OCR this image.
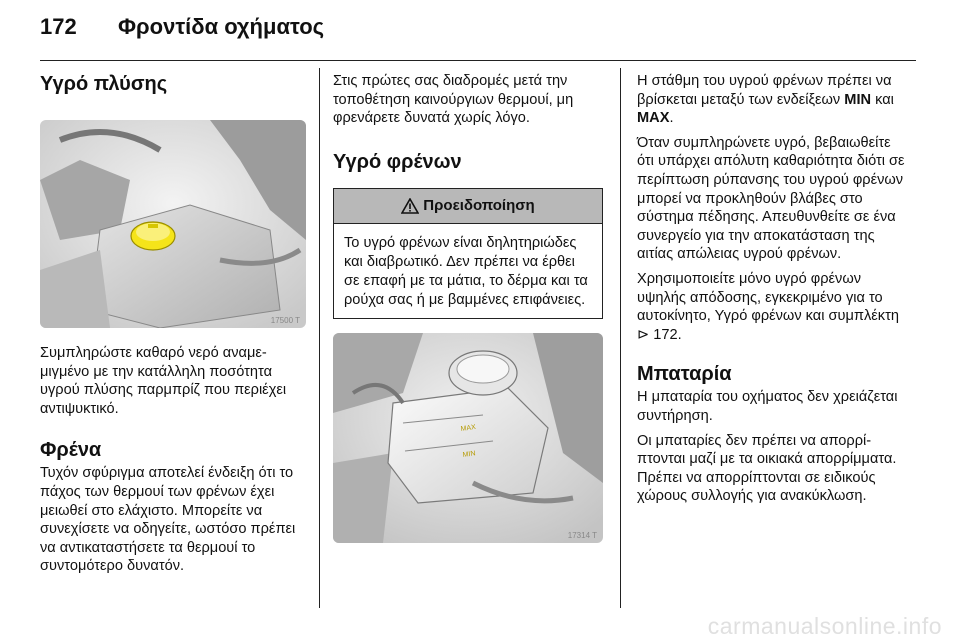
172 Φροντίδα οχήματος
Υγρό πλύσης
17500 T

Συμπληρώστε καθαρό νερό αναμεμιγμένο με την κατάλληλη ποσότητα υγρού πλύσης παρμπρίζ που περιέχει αντιψυκτικό.

Φρένα

Τυχόν σφύριγμα αποτελεί ένδειξη ότι το πάχος των θερμουί των φρένων έχει μειωθεί στο ελάχιστο. Μπορείτε να συνεχίσετε να οδηγείτε, ωστόσο πρέπει να αντικαταστήσετε τα θερμουί το συντομότερο δυνατόν.

Στις πρώτες σας διαδρομές μετά την τοποθέτηση καινούργιων θερμουί, μη φρενάρετε δυνατά χωρίς λόγο.

Υγρό φρένων
Προειδοποίηση
Το υγρό φρένων είναι δηλητηριώδες και διαβρωτικό. Δεν πρέπει να έρθει σε επαφή με τα μάτια, το δέρμα και τα ρούχα σας ή με βαμμένες επιφάνειες.
MAX
MIN
17314 T

Η στάθμη του υγρού φρένων πρέπει να βρίσκεται μεταξύ των ενδείξεων MIN και MAX.

Όταν συμπληρώνετε υγρό, βεβαιωθείτε ότι υπάρχει απόλυτη καθαριότητα διότι σε περίπτωση ρύπανσης του υγρού φρένων μπορεί να προκληθούν βλάβες στο σύστημα πέδησης. Απευθυνθείτε σε ένα συνεργείο για την αποκατάσταση της αιτίας απώλειας υγρού φρένων.

Χρησιμοποιείτε μόνο υγρό φρένων υψηλής απόδοσης, εγκεκριμένο για το αυτοκίνητο, Υγρό φρένων και συμπλέκτη ⊳ 172.

Μπαταρία

Η μπαταρία του οχήματος δεν χρειάζεται συντήρηση.

Οι μπαταρίες δεν πρέπει να απορρίπτονται μαζί με τα οικιακά απορρίμματα. Πρέπει να απορρίπτονται σε ειδικούς χώρους συλλογής για ανακύκλωση.

carmanualsonline.info
